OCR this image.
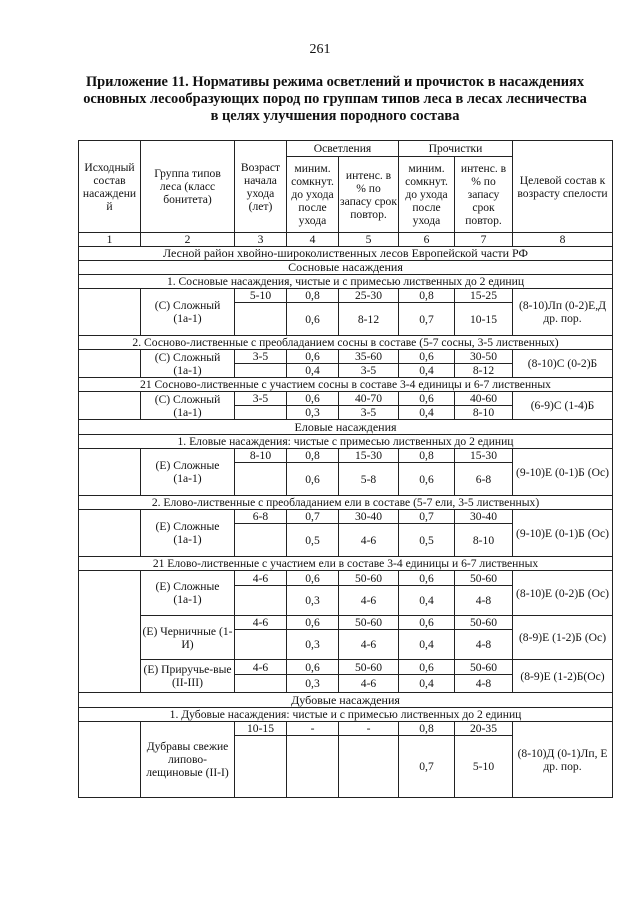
261
Приложение 11. Нормативы режима осветлений и прочисток в насаждениях
основных лесообразующих пород по группам типов леса в лесах лесничества
в целях улучшения породного состава
Исходный состав насаждени й	Группа типов леса (класс бонитета)	Возраст начала ухода (лет)	Осветления		Прочистки		Целевой состав к возрасту спелости
			миним. сомкнут. до ухода после ухода	интенс. в % по запасу срок повтор.	миним. сомкнут. до ухода после ухода	интенс. в % по запасу срок повтор.	
1	2	3	4	5	6	7	8
Лесной район хвойно-широколиственных лесов Европейской части РФ							
Сосновые насаждения							
1. Сосновые насаждения, чистые и с примесью лиственных до 2 единиц							
	(С) Сложный (1а-1)	5-10	0,8	25-30	0,8	15-25	(8-10)Лп (0-2)Е,Д др. пор.
			0,6	8-12	0,7	10-15	
2. Сосново-лиственные с преобладанием сосны в составе (5-7 сосны, 3-5 лиственных)							
	(С) Сложный (1а-1)	3-5	0,6	35-60	0,6	30-50	(8-10)С (0-2)Б
			0,4	3-5	0,4	8-12	
21 Сосново-лиственные с участием сосны в составе 3-4 единицы и 6-7 лиственных							
	(С) Сложный (1а-1)	3-5	0,6	40-70	0,6	40-60	(6-9)С (1-4)Б
			0,3	3-5	0,4	8-10	
Еловые насаждения							
1. Еловые насаждения: чистые с примесью лиственных до 2 единиц							
	(Е) Сложные (1а-1)	8-10	0,8	15-30	0,8	15-30	(9-10)Е (0-1)Б (Ос)
			0,6	5-8	0,6	6-8	
2. Елово-лиственные с преобладанием ели в составе (5-7 ели, 3-5 лиственных)							
	(Е) Сложные (1а-1)	6-8	0,7	30-40	0,7	30-40	(9-10)Е (0-1)Б (Ос)
			0,5	4-6	0,5	8-10	
21 Елово-лиственные с участием ели в составе 3-4 единицы и 6-7 лиственных							
	(Е) Сложные (1а-1)	4-6	0,6	50-60	0,6	50-60	(8-10)Е (0-2)Б (Ос)
			0,3	4-6	0,4	4-8	
	(Е) Черничные (1-И)	4-6	0,6	50-60	0,6	50-60	(8-9)Е (1-2)Б (Ос)
			0,3	4-6	0,4	4-8	
	(Е) Приручье-вые (II-III)	4-6	0,6	50-60	0,6	50-60	(8-9)Е (1-2)Б(Ос)
			0,3	4-6	0,4	4-8	
Дубовые насаждения							
1. Дубовые насаждения: чистые и с примесью лиственных до 2 единиц							
	Дубравы свежие липово-лещиновые (II-I)	10-15	-	-	0,8	20-35	(8-10)Д (0-1)Лп, Е др. пор.
					0,7	5-10	
